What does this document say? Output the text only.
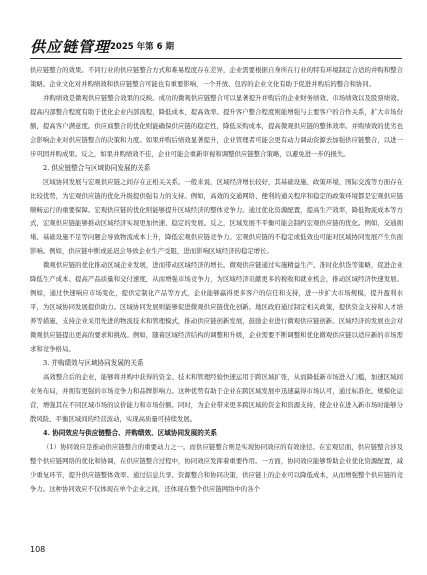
供应链管理 2025 年第 6 期

供应链整合的效果。不同行业的供应链整合方式和难易程度存在差异，企业需要根据自身所在行业的特有环境制定合适的并购和整合策略。企业文化对并购绩效和供应链整合可能也有重要影响，一个开放、包容的企业文化有助于促进并购后的整合和协同。

并购绩效是微观供应链整合效果的反映。成功的微观供应链整合可以显著提升并购后的企业财务绩效、市场绩效以及股票绩效。提高内部整合程度有助于优化企业内部流程，降低成本，提高效率。提升客户整合程度则能增强与主要客户的合作关系，扩大市场份额，提高客户满意度。供应商整合的优化则能确保供应链的稳定性，降低采购成本，提高微观供应链的整体效率。并购绩效的优劣也会影响企业对供应链整合的决策和力度。如果并购后绩效显著提升，企业管理者可能会更有动力调动资源去加强供应链整合，以进一步巩固并购成果。反之，如果并购绩效不佳，企业可能会重新审视和调整供应链整合策略，以避免进一步的损失。

2. 供应链整合与区域协同发展的关系

区域协同发展与宏观供应链之间存在正相关关系。一般来说，区域经济增长较好，其基础设施、政策环境、国际交流等方面存在比较优势，为宏观供应链的优化升级提供强有力的支持。例如，高效的交通网络、便利的通关程序和稳定的政策环境都是宏观供应链顺畅运行的重要保障。宏观供应链的优化则能够提升区域经济的整体竞争力。通过优化资源配置，提高生产效率，降低物流成本等方式，宏观供应链能够推动区域经济实现更加快速、稳定的发展。反之，区域发展不平衡可能会制约宏观供应链的优化。例如，交通拥堵、基础设施不足等问题会导致物流成本上升，降低宏观供应链竞争力。宏观供应链的不稳定或低效也可能对区域协同发展产生负面影响。例如，供应链中断或延迟会导致企业生产受阻，进而影响区域经济的稳定增长。

微观供应链的优化推动区域企业发展，进而带动区域经济的增长。微观供应链通过实施精益生产、准时化供货等策略，促进企业降低生产成本、提高产品质量和交付速度，从而增强市场竞争力，为区域经济贡献更多的税收和就业机会，推动区域经济快速发展。例如，通过快速响应市场变化，提供定制化产品等方式，企业能够赢得更多客户的信任和支持，进一步扩大市场规模，提升盈利水平，为区域协同发展提供助力。区域协同发展则能够促进微观供应链优化创新。地区政府通过制定相关政策，提供资金支持和人才培养等措施，支持企业采用先进的物流技术和管理模式，推动供应链创新发展，鼓励企业进行微观供应链创新。区域经济的发展也会对微观供应链提出更高的要求和挑战。例如，随着区域经济结构的调整和升级，企业需要不断调整和优化微观供应链以适应新的市场需求和竞争格局。

3. 并购绩效与区域协同发展的关系

高效整合后的企业，能够将并购中获得的资金、技术和管理经验快速运用于跨区域扩张，从而降低新市场进入门槛，加速区域间业务布局，并拥有更强的市场竞争力和品牌影响力。这种优势有助于企业在跨区域发展中迅速赢得市场认可，通过标准化、规模化运营，增强其在不同区域市场的议价能力和市场份额。同时，为企业带来更多跨区域的资金和资源支持，使企业在进入新市场时能够分散风险、平衡区域间的经营波动，实现高质量可持续发展。

4. 协同效应与供应链整合、并购绩效、区域协同发展的关系

（1）协同效应是推动供应链整合的重要动力之一。而供应链整合则是实现协同效应的有效途径。在宏观层面，供应链整合涉及整个供应链网络的优化和协调，在供应链整合过程中，协同效应发挥着重要作用。一方面，协同效应能够帮助企业优化资源配置，减少重复环节，提升供应链整体效率。通过信息共享、资源整合和协同决策，供应链上的企业可以降低成本，从而增强整个供应链的竞争力。这种协同效应不仅体现在单个企业之间，还体现在整个供应链网络中的各个

108
